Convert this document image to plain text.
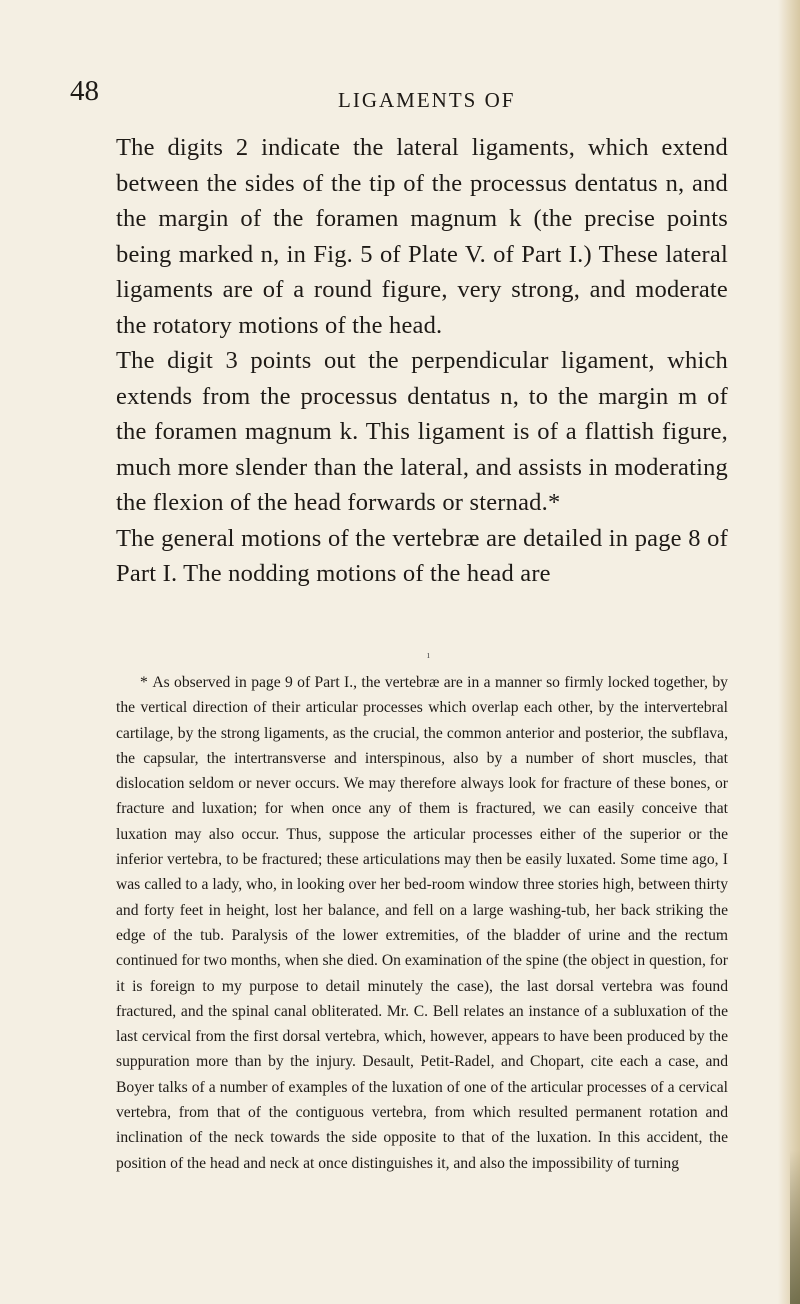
48	LIGAMENTS OF

The digits 2 indicate the lateral ligaments, which extend between the sides of the tip of the processus dentatus n, and the margin of the foramen magnum k (the precise points being marked n, in Fig. 5 of Plate V. of Part I.) These lateral ligaments are of a round figure, very strong, and moderate the rotatory motions of the head.

The digit 3 points out the perpendicular ligament, which extends from the processus dentatus n, to the margin m of the foramen magnum k. This ligament is of a flattish figure, much more slender than the lateral, and assists in moderating the flexion of the head forwards or sternad.*

The general motions of the vertebræ are detailed in page 8 of Part I. The nodding motions of the head are

ı

* As observed in page 9 of Part I., the vertebræ are in a manner so firmly locked together, by the vertical direction of their articular processes which overlap each other, by the intervertebral cartilage, by the strong ligaments, as the crucial, the common anterior and posterior, the subflava, the capsular, the intertransverse and interspinous, also by a number of short muscles, that dislocation seldom or never occurs. We may therefore always look for fracture of these bones, or fracture and luxation; for when once any of them is fractured, we can easily conceive that luxation may also occur. Thus, suppose the articular processes either of the superior or the inferior vertebra, to be fractured; these articulations may then be easily luxated. Some time ago, I was called to a lady, who, in looking over her bed-room window three stories high, between thirty and forty feet in height, lost her balance, and fell on a large washing-tub, her back striking the edge of the tub. Paralysis of the lower extremities, of the bladder of urine and the rectum continued for two months, when she died. On examination of the spine (the object in question, for it is foreign to my purpose to detail minutely the case), the last dorsal vertebra was found fractured, and the spinal canal obliterated. Mr. C. Bell relates an instance of a subluxation of the last cervical from the first dorsal vertebra, which, however, appears to have been produced by the suppuration more than by the injury. Desault, Petit-Radel, and Chopart, cite each a case, and Boyer talks of a number of examples of the luxation of one of the articular processes of a cervical vertebra, from that of the contiguous vertebra, from which resulted permanent rotation and inclination of the neck towards the side opposite to that of the luxation. In this accident, the position of the head and neck at once distinguishes it, and also the impossibility of turning
